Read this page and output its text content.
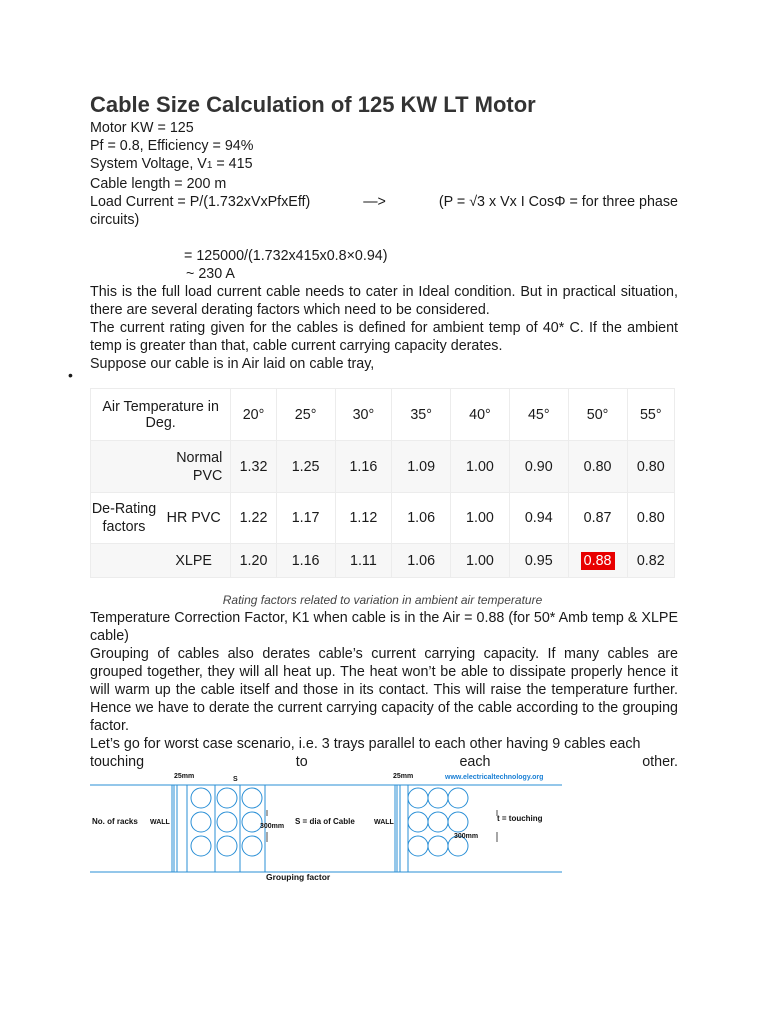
Cable Size Calculation of 125 KW LT Motor

Motor KW = 125

Pf = 0.8, Efficiency = 94%

System Voltage, V1 = 415

Cable length = 200 m

Load Current = P/(1.732xVxPfxEff)	—>	(P = √3 x Vx I CosΦ = for three phase

circuits)

= 125000/(1.732x415x0.8×0.94)

~ 230 A

This is the full load current cable needs to cater in Ideal condition. But in practical situation, there are several derating factors which need to be considered.

The current rating given for the cables is defined for ambient temp of 40* C. If the ambient temp is greater than that, cable current carrying capacity derates.

Suppose our cable is in Air laid on cable tray,

•
Air Temperature in Deg.	20°	25°	30°	35°	40°	45°	50°	55°

Normal PVC	1.32	1.25	1.16	1.09	1.00	0.90	0.80	0.80

De-Rating factors
HR PVC	1.22	1.17	1.12	1.06	1.00	0.94	0.87	0.80

XLPE	1.20	1.16	1.11	1.06	1.00	0.95	0.88	0.82
Rating factors related to variation in ambient air temperature

Temperature Correction Factor, K1 when cable is in the Air = 0.88 (for 50* Amb temp & XLPE cable)

Grouping of cables also derates cable’s current carrying capacity. If many cables are grouped together, they will all heat up. The heat won’t be able to dissipate properly hence it will warm up the cable itself and those in its contact. This will raise the temperature further. Hence we have to derate the current carrying capacity of the cable according to the grouping factor.

Let’s go for worst case scenario, i.e. 3 trays parallel to each other having 9 cables each

touching	to	each	other.

No. of racks WALL
25mm	S
S = dia of Cable
300mm
WALL
25mm
300mm
t = touching
Grouping factor
www.electricaltechnology.org
